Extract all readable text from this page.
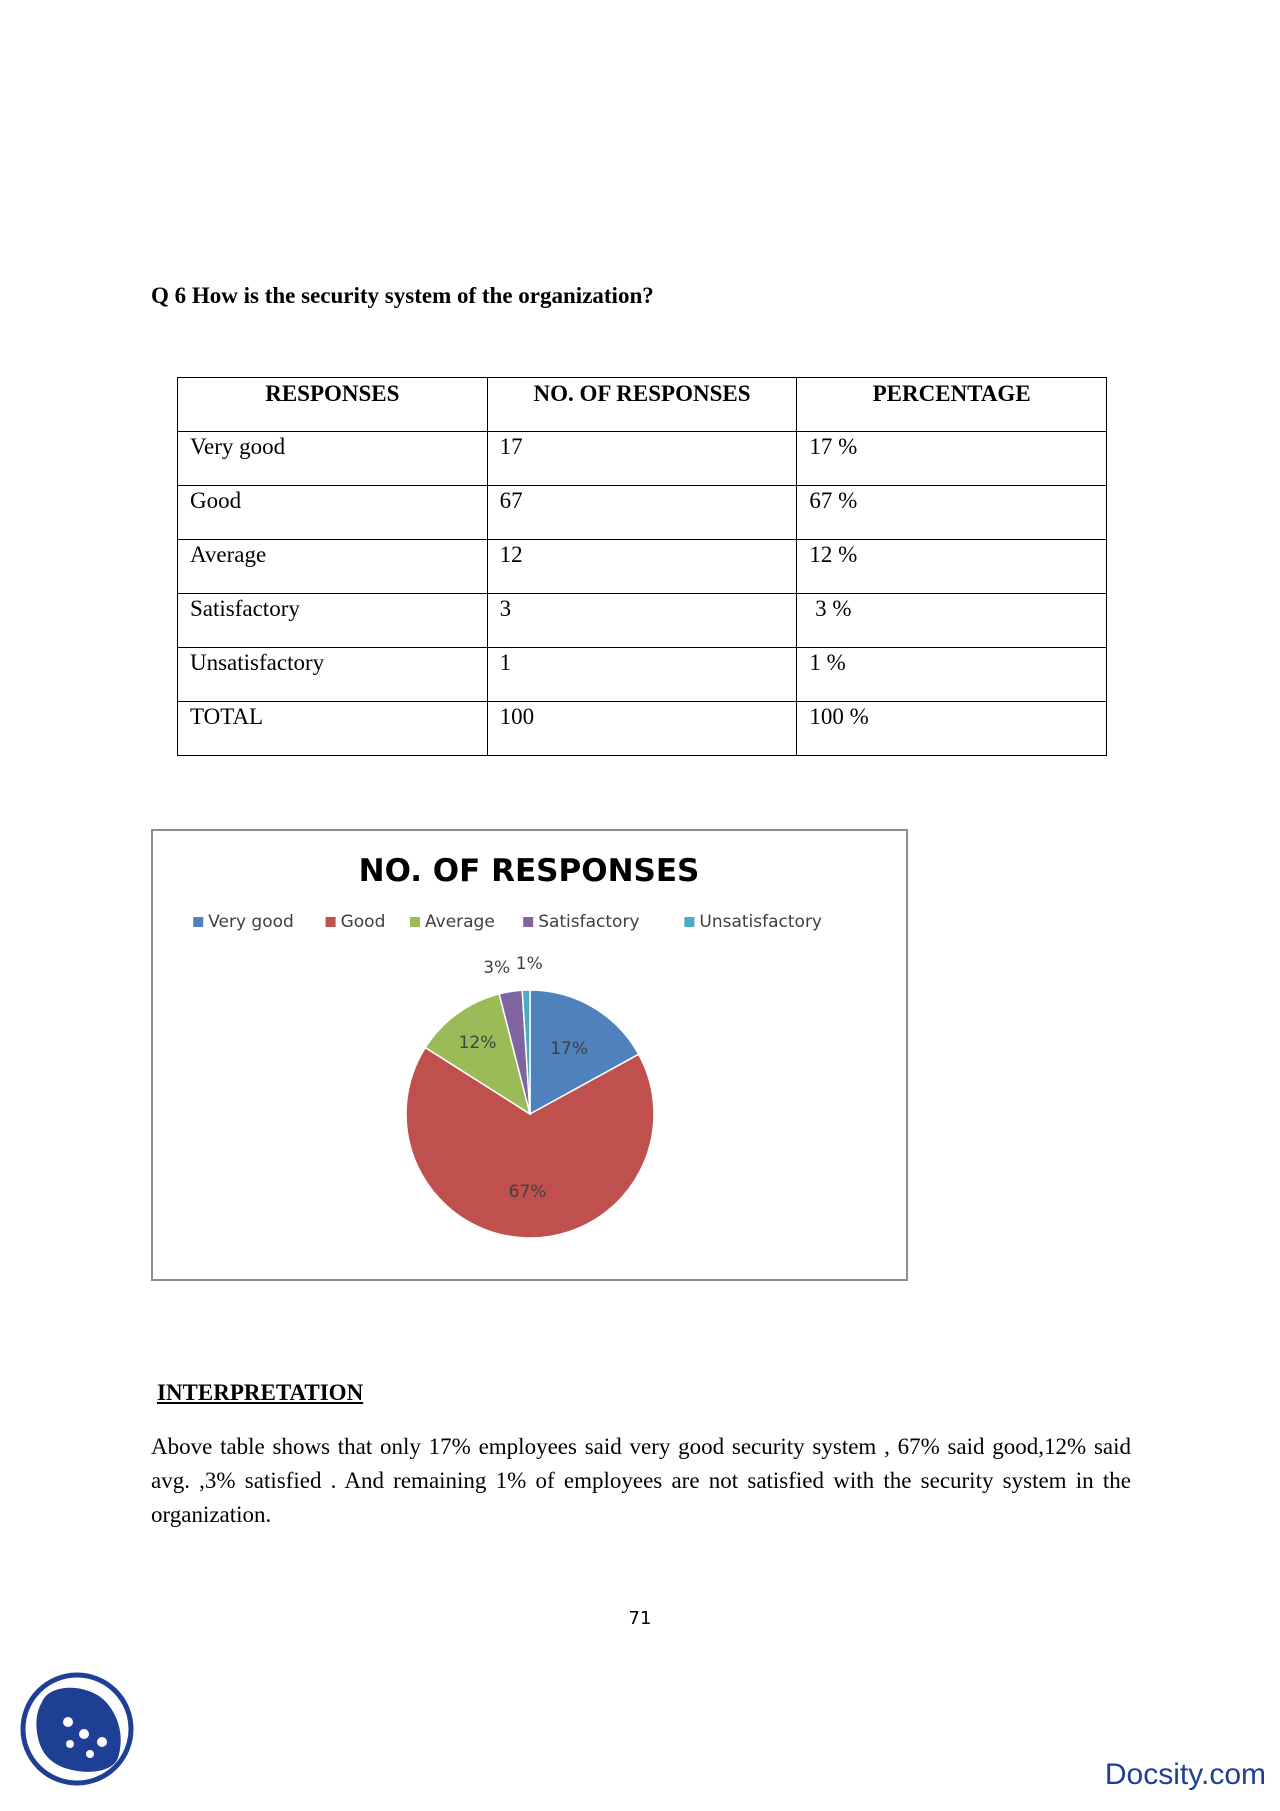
Q 6 How is the security system of the organization?
RESPONSES	NO. OF RESPONSES	PERCENTAGE
Very good	17	17 %
Good	67	67 %
Average	12	12 %
Satisfactory	3	3 %
Unsatisfactory	1	1 %
TOTAL	100	100 %
NO. OF RESPONSES
Very good	Good Average	Satisfactory	Unsatisfactory
17%
67%
12%
3% 1%
INTERPRETATION
Above table shows that only 17% employees said very good security system , 67% said good,12% said avg. ,3% satisfied . And remaining 1% of employees are not satisfied with the security system in the organization.
71
Docsity.com
